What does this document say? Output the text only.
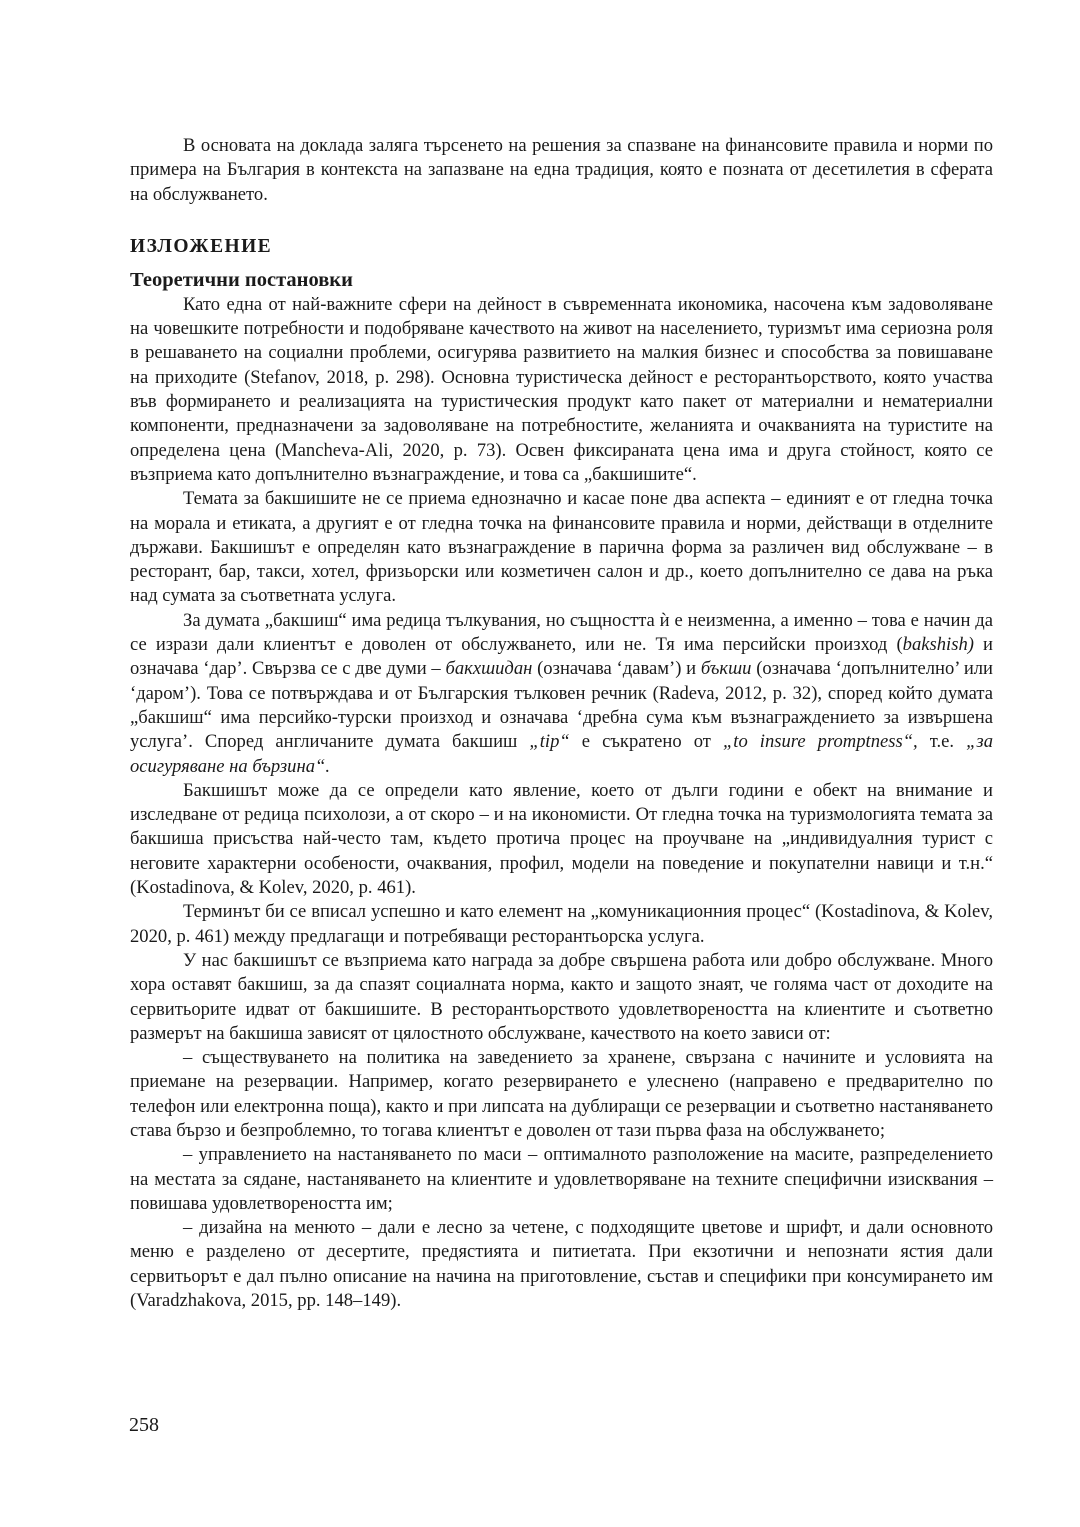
В основата на доклада заляга търсенето на решения за спазване на финансовите правила и норми по примера на България в контекста на запазване на една традиция, която е позната от десетилетия в сферата на обслужването.

ИЗЛОЖЕНИЕ
Теоретични постановки

Като една от най-важните сфери на дейност в съвременната икономика, насочена към задоволяване на човешките потребности и подобряване качеството на живот на населението, туризмът има сериозна роля в решаването на социални проблеми, осигурява развитието на малкия бизнес и способства за повишаване на приходите (Stefanov, 2018, p. 298). Основна туристическа дейност е ресторантьорството, която участва във формирането и реализацията на туристическия продукт като пакет от материални и нематериални компоненти, предназначени за задоволяване на потребностите, желанията и очакванията на туристите на определена цена (Mancheva-Ali, 2020, p. 73). Освен фиксираната цена има и друга стойност, която се възприема като допълнително възнаграждение, и това са „бакшишите“.

Темата за бакшишите не се приема еднозначно и касае поне два аспекта – единият е от гледна точка на морала и етиката, а другият е от гледна точка на финансовите правила и норми, действащи в отделните държави. Бакшишът е определян като възнаграждение в парична форма за различен вид обслужване – в ресторант, бар, такси, хотел, фризьорски или козметичен салон и др., което допълнително се дава на ръка над сумата за съответната услуга.

За думата „бакшиш“ има редица тълкувания, но същността ѝ е неизменна, а именно – това е начин да се изрази дали клиентът е доволен от обслужването, или не. Тя има персийски произход (bakshish) и означава ‘дар’. Свързва се с две думи – бакхшидан (означава ‘давам’) и бъкши (означава ‘допълнително’ или ‘даром’). Това се потвърждава и от Българския тълковен речник (Radeva, 2012, p. 32), според който думата „бакшиш“ има персийко-турски произход и означава ‘дребна сума към възнаграждението за извършена услуга’. Според англичаните думата бакшиш „tip“ е съкратено от „to insure promptness“, т.е. „за осигуряване на бързина“.

Бакшишът може да се определи като явление, което от дълги години е обект на внимание и изследване от редица психолози, а от скоро – и на икономисти. От гледна точка на туризмологията темата за бакшиша присъства най-често там, където протича процес на проучване на „индивидуалния турист с неговите характерни особености, очаквания, профил, модели на поведение и покупателни навици и т.н.“ (Kostadinova, & Kolev, 2020, p. 461).

Терминът би се вписал успешно и като елемент на „комуникационния процес“ (Kostadinova, & Kolev, 2020, p. 461) между предлагащи и потребяващи ресторантьорска услуга.

У нас бакшишът се възприема като награда за добре свършена работа или добро обслужване. Много хора оставят бакшиш, за да спазят социалната норма, както и защото знаят, че голяма част от доходите на сервитьорите идват от бакшишите. В ресторантьорството удовлетвореността на клиентите и съответно размерът на бакшиша зависят от цялостното обслужване, качеството на което зависи от:

– съществуването на политика на заведението за хранене, свързана с начините и условията на приемане на резервации. Например, когато резервирането е улеснено (направено е предварително по телефон или електронна поща), както и при липсата на дублиращи се резервации и съответно настаняването става бързо и безпроблемно, то тогава клиентът е доволен от тази първа фаза на обслужването;

– управлението на настаняването по маси – оптималното разположение на масите, разпределението на местата за сядане, настаняването на клиентите и удовлетворяване на техните специфични изисквания – повишава удовлетвореността им;

– дизайна на менюто – дали е лесно за четене, с подходящите цветове и шрифт, и дали основното меню е разделено от десертите, предястията и питиетата. При екзотични и непознати ястия дали сервитьорът е дал пълно описание на начина на приготовление, състав и специфики при консумирането им (Varadzhakova, 2015, pp. 148–149).

258
